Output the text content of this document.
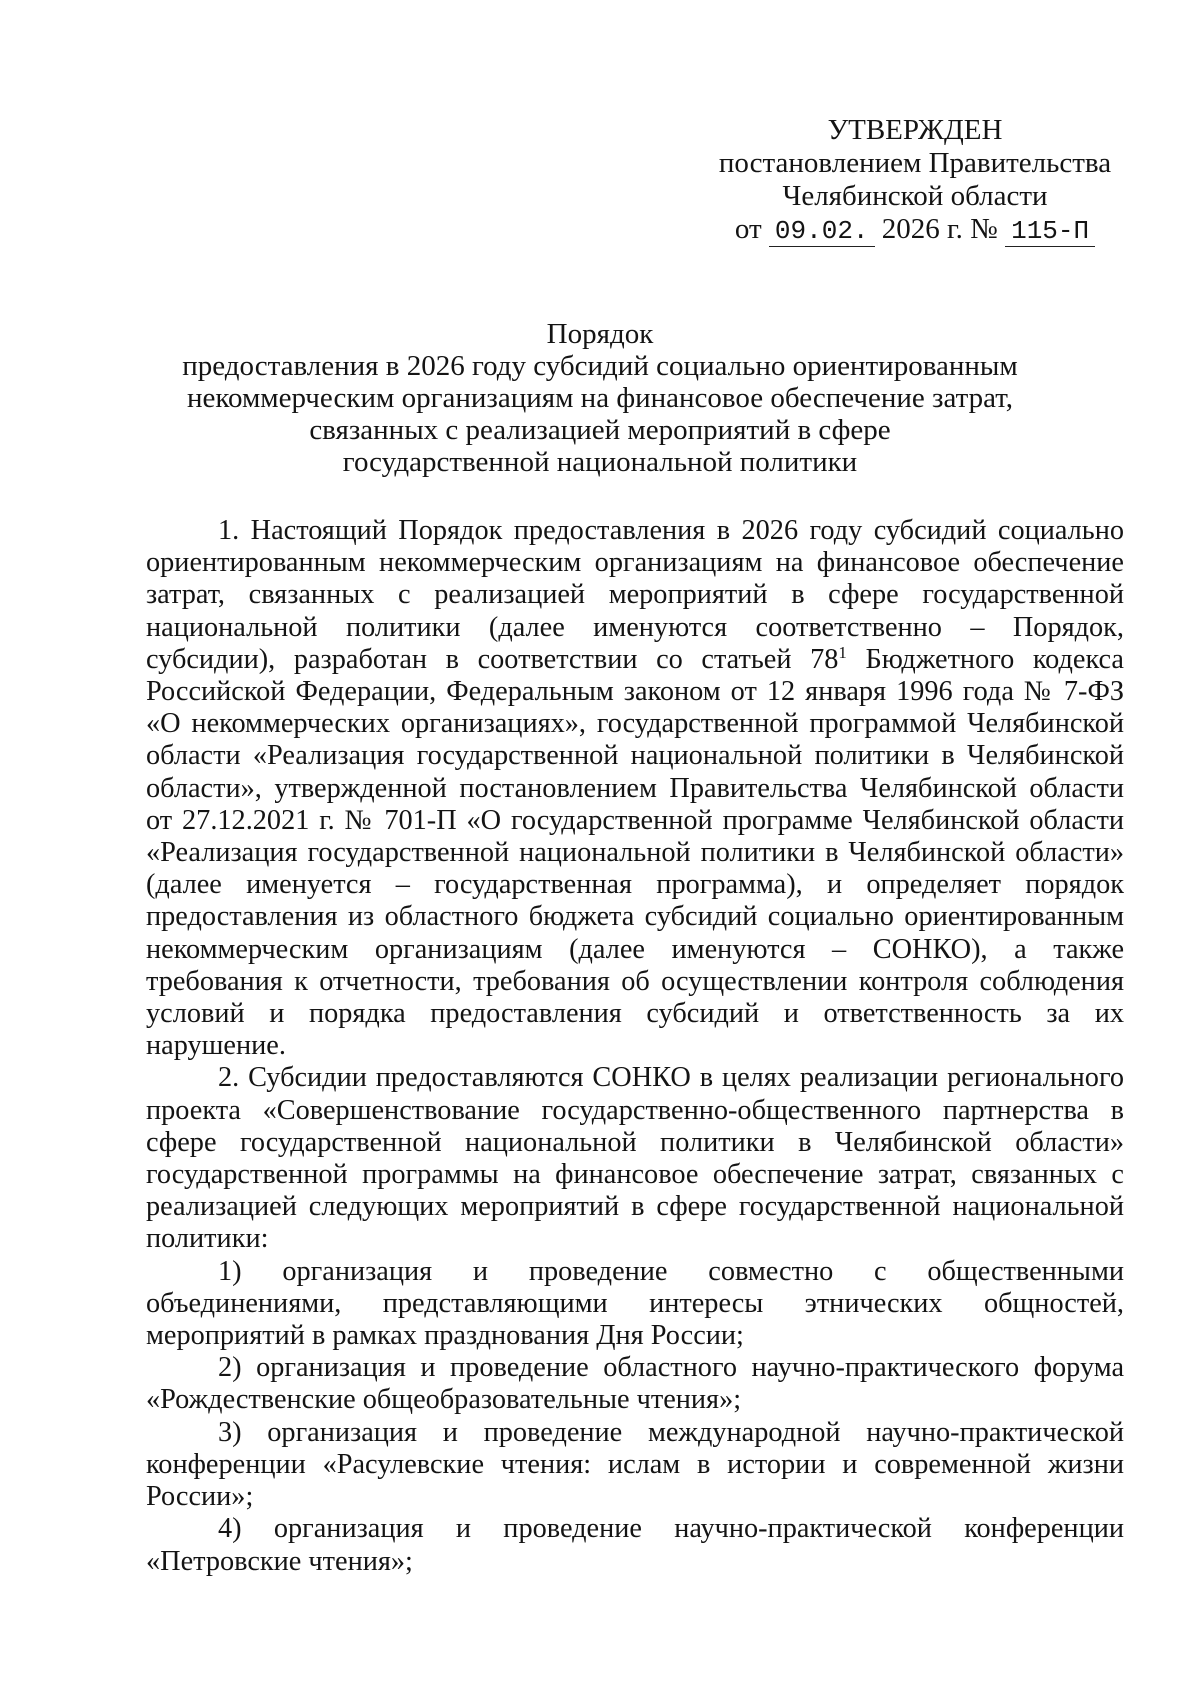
УТВЕРЖДЕН
постановлением Правительства
Челябинской области
от 09.02. 2026 г. № 115-П
Порядок
предоставления в 2026 году субсидий социально ориентированным
некоммерческим организациям на финансовое обеспечение затрат,
связанных с реализацией мероприятий в сфере
государственной национальной политики

1. Настоящий Порядок предоставления в 2026 году субсидий социально ориентированным некоммерческим организациям на финансовое обеспечение затрат, связанных с реализацией мероприятий в сфере государственной национальной политики (далее именуются соответственно – Порядок, субсидии), разработан в соответствии со статьей $78^1$ Бюджетного кодекса Российской Федерации, Федеральным законом от 12 января 1996 года № 7-ФЗ «О некоммерческих организациях», государственной программой Челябинской области «Реализация государственной национальной политики в Челябинской области», утвержденной постановлением Правительства Челябинской области от 27.12.2021 г. № 701-П «О государственной программе Челябинской области «Реализация государственной национальной политики в Челябинской области» (далее именуется – государственная программа), и определяет порядок предоставления из областного бюджета субсидий социально ориентированным некоммерческим организациям (далее именуются – СОНКО), а также требования к отчетности, требования об осуществлении контроля соблюдения условий и порядка предоставления субсидий и ответственность за их нарушение.

2. Субсидии предоставляются СОНКО в целях реализации регионального проекта «Совершенствование государственно-общественного партнерства в сфере государственной национальной политики в Челябинской области» государственной программы на финансовое обеспечение затрат, связанных с реализацией следующих мероприятий в сфере государственной национальной политики:

1) организация и проведение совместно с общественными объединениями, представляющими интересы этнических общностей, мероприятий в рамках празднования Дня России;

2) организация и проведение областного научно-практического форума «Рождественские общеобразовательные чтения»;

3) организация и проведение международной научно-практической конференции «Расулевские чтения: ислам в истории и современной жизни России»;

4) организация и проведение научно-практической конференции «Петровские чтения»;
